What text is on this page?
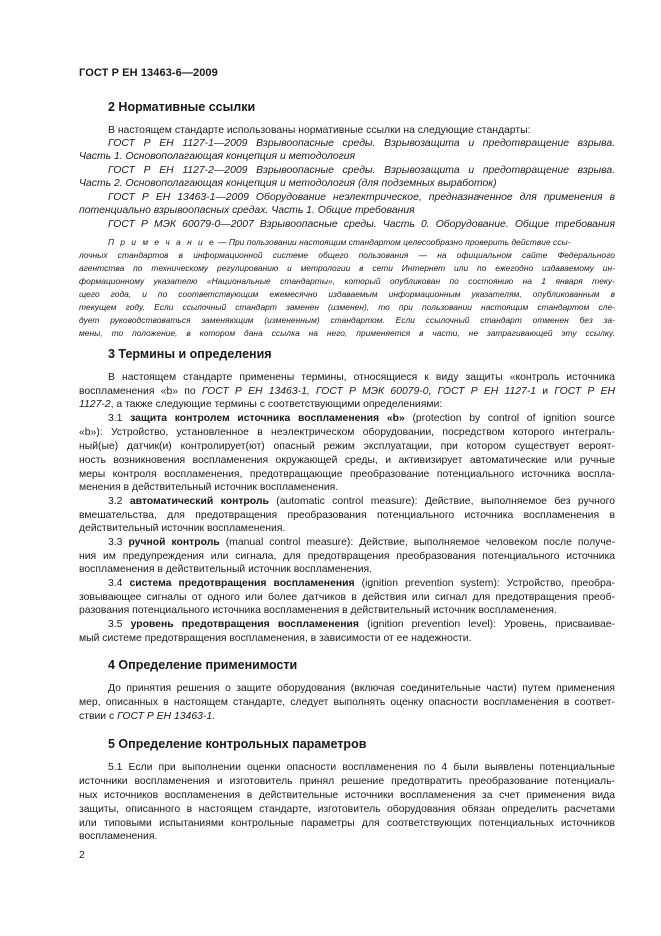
ГОСТ Р ЕН 13463-6—2009
2 Нормативные ссылки
В настоящем стандарте использованы нормативные ссылки на следующие стандарты:
ГОСТ Р ЕН 1127-1—2009 Взрывоопасные среды. Взрывозащита и предотвращение взрыва.
Часть 1. Основополагающая концепция и методология
ГОСТ Р ЕН 1127-2—2009 Взрывоопасные среды. Взрывозащита и предотвращение взрыва.
Часть 2. Основополагающая концепция и методология (для подземных выработок)
ГОСТ Р ЕН 13463-1—2009 Оборудование неэлектрическое, предназначенное для применения в
потенциально взрывоопасных средах. Часть 1. Общие требования
ГОСТ Р МЭК 60079-0—2007 Взрывоопасные среды. Часть 0. Оборудование. Общие требования
П р и м е ч а н и е — При пользовании настоящим стандартом целесообразно проверить действие ссы-
лочных стандартов в информационной системе общего пользования — на официальном сайте Федерального
агентства по техническому регулированию и метрологии в сети Интернет или по ежегодно издаваемому ин-
формационному указателю «Национальные стандарты», который опубликован по состоянию на 1 января теку-
щего года, и по соответствующим ежемесячно издаваемым информационным указателям, опубликованным в
текущем году. Если ссылочный стандарт заменен (изменен), то при пользовании настоящим стандартом сле-
дует руководствоваться заменяющим (измененным) стандартом. Если ссылочный стандарт отменен без за-
мены, то положение, в котором дана ссылка на него, применяется в части, не затрагивающей эту ссылку.
3 Термины и определения
В настоящем стандарте применены термины, относящиеся к виду защиты «контроль источника
воспламенения «b» по ГОСТ Р ЕН 13463-1, ГОСТ Р МЭК 60079-0, ГОСТ Р ЕН 1127-1 и ГОСТ Р ЕН
1127-2, а также следующие термины с соответствующими определениями:
3.1 защита контролем источника воспламенения «b» (protection by control of ignition source
«b»): Устройство, установленное в неэлектрическом оборудовании, посредством которого интеграль-
ный(ые) датчик(и) контролирует(ют) опасный режим эксплуатации, при котором существует вероят-
ность возникновения воспламенения окружающей среды, и активизирует автоматические или ручные
меры контроля воспламенения, предотвращающие преобразование потенциального источника воспла-
менения в действительный источник воспламенения.
3.2 автоматический контроль (automatic control measure): Действие, выполняемое без ручного
вмешательства, для предотвращения преобразования потенциального источника воспламенения в
действительный источник воспламенения.
3.3 ручной контроль (manual control measure): Действие, выполняемое человеком после получе-
ния им предупреждения или сигнала, для предотвращения преобразования потенциального источника
воспламенения в действительный источник воспламенения.
3.4 система предотвращения воспламенения (ignition prevention system): Устройство, преобра-
зовывающее сигналы от одного или более датчиков в действия или сигнал для предотвращения преоб-
разования потенциального источника воспламенения в действительный источник воспламенения.
3.5 уровень предотвращения воспламенения (ignition prevention level): Уровень, присваивае-
мый системе предотвращения воспламенения, в зависимости от ее надежности.
4 Определение применимости
До принятия решения о защите оборудования (включая соединительные части) путем применения
мер, описанных в настоящем стандарте, следует выполнять оценку опасности воспламенения в соответ-
ствии с ГОСТ Р ЕН 13463-1.
5 Определение контрольных параметров
5.1 Если при выполнении оценки опасности воспламенения по 4 были выявлены потенциальные
источники воспламенения и изготовитель принял решение предотвратить преобразование потенциаль-
ных источников воспламенения в действительные источники воспламенения за счет применения вида
защиты, описанного в настоящем стандарте, изготовитель оборудования обязан определить расчетами
или типовыми испытаниями контрольные параметры для соответствующих потенциальных источников
воспламенения.
2
